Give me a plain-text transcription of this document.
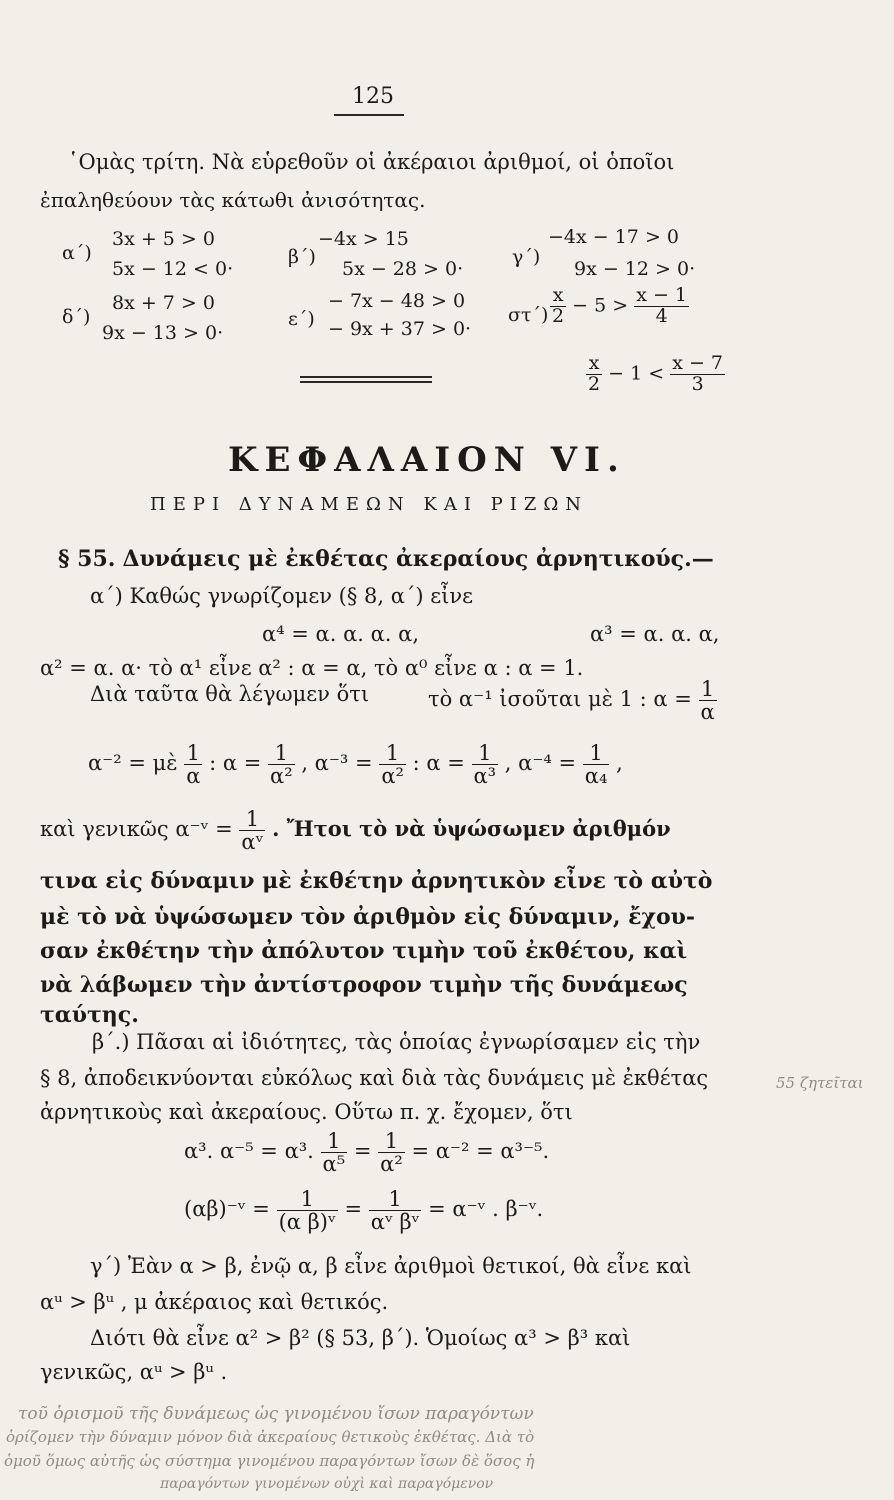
125
῾Ομὰς τρίτη. Νὰ εὑρεθοῦν οἱ ἀκέραιοι ἀριθμοί, οἱ ὁποῖοι
ἐπαληθεύουν τὰς κάτωθι ἀνισότητας.
α΄)
3x + 5 > 0
5x − 12 < 0·
β΄)
−4x > 15
5x − 28 > 0·
γ΄)
−4x − 17 > 0
9x − 12 > 0·
δ΄)
8x + 7 > 0
9x − 13 > 0·
ε΄)
− 7x − 48 > 0
− 9x + 37 > 0·
$\sigma\tau΄) \frac{x}{2} - 5 > \frac{x - 1}{4}$
$\frac{x}{2} - 1 < \frac{x - 7}{3}$
ΚΕΦΑΛΑΙΟΝ VI.
ΠΕΡΙ ΔΥΝΑΜΕΩΝ ΚΑΙ ΡΙΖΩΝ
§ 55. Δυνάμεις μὲ ἐκθέτας ἀκεραίους ἀρνητικούς.—
α΄) Καθώς γνωρίζομεν (§ 8, α΄) εἶνε
α⁴ = α. α. α. α,	α³ = α. α. α,
α² = α. α· τὸ α¹ εἶνε α² : α = α, τὸ α⁰ εἶνε α : α = 1.
Διὰ ταῦτα θὰ λέγωμεν ὅτι	τὸ α⁻¹ ἰσοῦται μὲ 1 : $\alpha = \frac{1}{\alpha}$
α⁻² = μὲ $\frac{1}{\alpha}$ : $\alpha = \frac{1}{\text{α²}}$ , $\alpha^{-3} = \frac{1}{\text{α²}}$ : $\alpha = \frac{1}{\text{α³}}$ , $\alpha^{-4} = \frac{1}{\text{α₄}}$ ,
καὶ γενικῶς α⁻ᵛ = $\frac{1}{\text{αᵛ}}$ . Ἤτοι τὸ νὰ ὑψώσωμεν ἀριθμόν
τινα εἰς δύναμιν μὲ ἐκθέτην ἀρνητικὸν εἶνε τὸ αὐτὸ
μὲ τὸ νὰ ὑψώσωμεν τὸν ἀριθμὸν εἰς δύναμιν, ἔχου-
σαν ἐκθέτην τὴν ἀπόλυτον τιμὴν τοῦ ἐκθέτου, καὶ
νὰ λάβωμεν τὴν ἀντίστροφον τιμὴν τῆς δυνάμεως
ταύτης.
β΄.) Πᾶσαι αἱ ἰδιότητες, τὰς ὁποίας ἐγνωρίσαμεν εἰς τὴν
§ 8, ἀποδεικνύονται εὐκόλως καὶ διὰ τὰς δυνάμεις μὲ ἐκθέτας
ἀρνητικοὺς καὶ ἀκεραίους. Οὕτω π. χ. ἔχομεν, ὅτι
α³. α⁻⁵ = α³. $\frac{1}{\text{α⁵}} = \frac{1}{\text{α²}} = \alpha^{-2} = \alpha^{3-5}$.
(αβ)⁻ᵛ = $\frac{1}{\text{(α β)ᵛ}} = \frac{1}{\text{αᵛ βᵛ}}$ = α⁻ᵛ . β⁻ᵛ.
γ΄) Ἐὰν α > β, ἐνῷ α, β εἶνε ἀριθμοὶ θετικοί, θὰ εἶνε καὶ
αᵘ > βᵘ , μ ἀκέραιος καὶ θετικός.
Διότι θὰ εἶνε α² > β² (§ 53, β΄). Ὁμοίως α³ > β³ καὶ
γενικῶς, αᵘ > βᵘ .
55 ζητεῖται
τοῦ ὁρισμοῦ τῆς δυνάμεως ὡς γινομένου ἴσων παραγόντων
ὁρίζομεν τὴν δύναμιν μόνον διὰ ἀκεραίους θετικοὺς ἐκθέτας. Διὰ τὸ
ὁμοῦ ὅμως αὐτῆς ὡς σύστημα γινομένου παραγόντων ἴσων δὲ ὅσος ἡ
παραγόντων γινομένων οὐχὶ καὶ παραγόμενον
